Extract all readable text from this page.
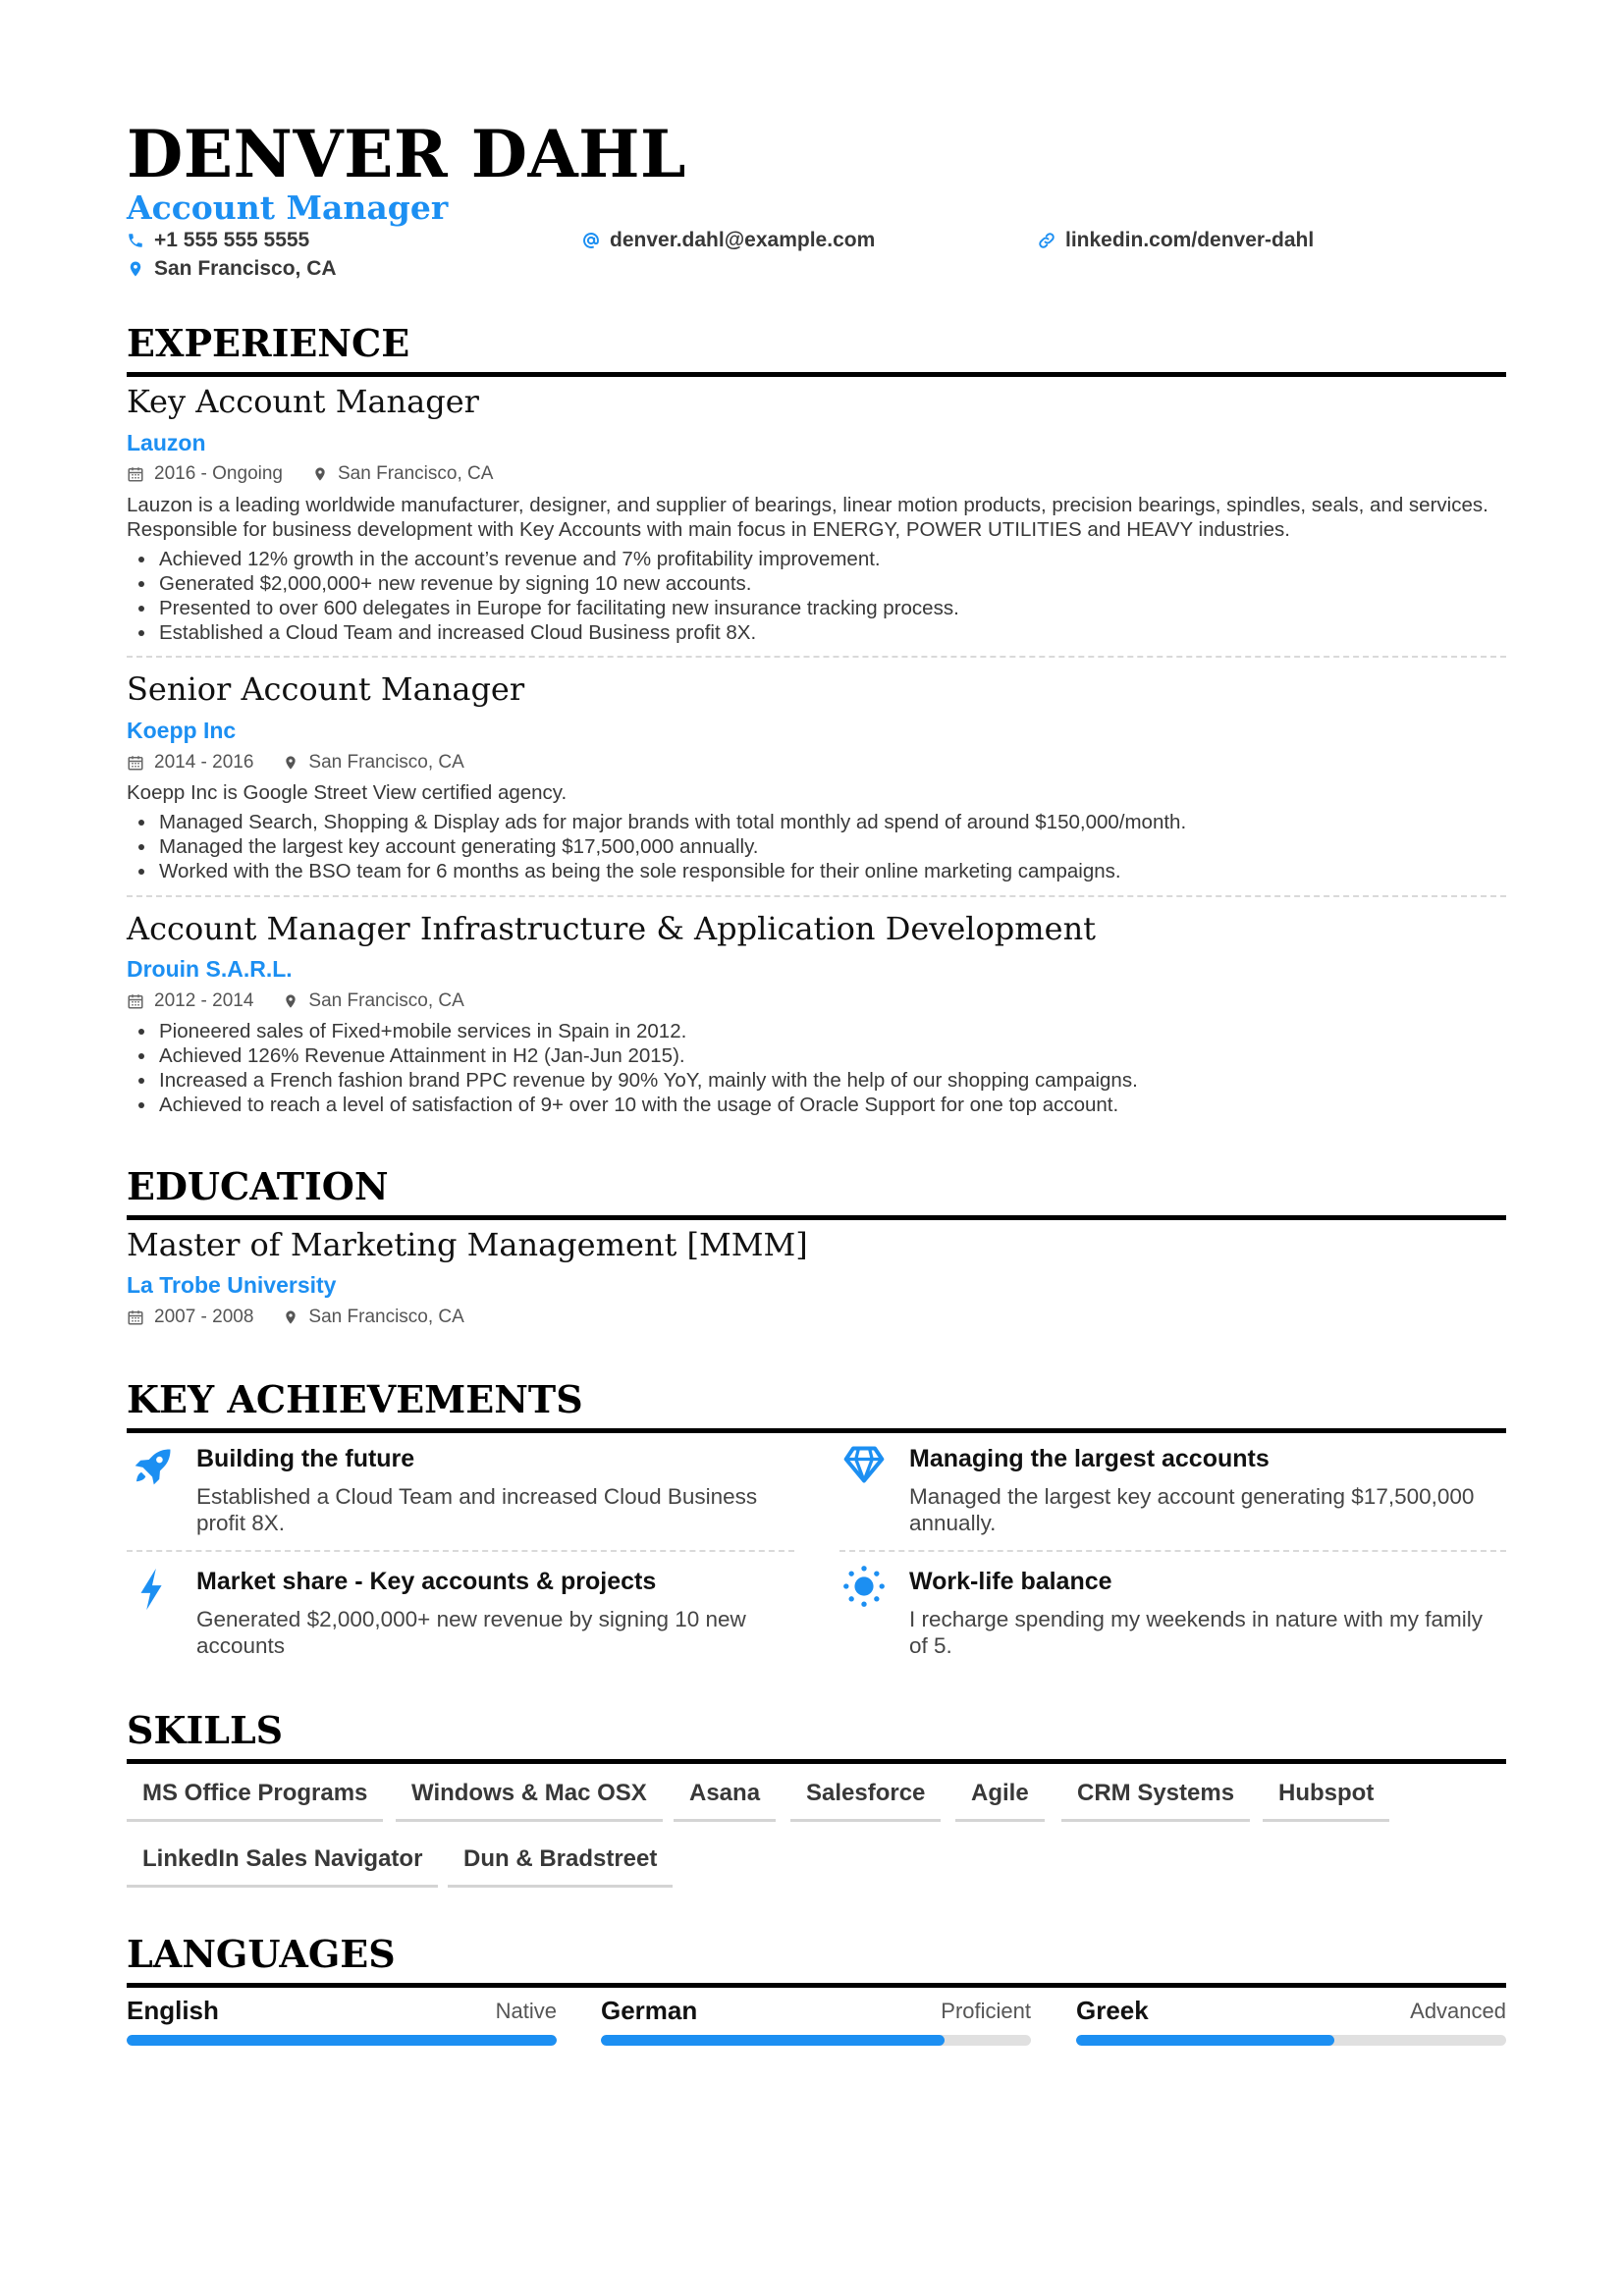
DENVER DAHL
Account Manager
+1 555 555 5555	denver.dahl@example.com	linkedin.com/denver-dahl
San Francisco, CA
EXPERIENCE
Key Account Manager
Lauzon
2016 - Ongoing	San Francisco, CA

Lauzon is a leading worldwide manufacturer, designer, and supplier of bearings, linear motion products, precision bearings, spindles, seals, and services. Responsible for business development with Key Accounts with main focus in ENERGY, POWER UTILITIES and HEAVY industries.

• Achieved 12% growth in the account’s revenue and 7% profitability improvement.
• Generated $2,000,000+ new revenue by signing 10 new accounts.
• Presented to over 600 delegates in Europe for facilitating new insurance tracking process.
• Established a Cloud Team and increased Cloud Business profit 8X.
Senior Account Manager
Koepp Inc
2014 - 2016	San Francisco, CA

Koepp Inc is Google Street View certified agency.

• Managed Search, Shopping & Display ads for major brands with total monthly ad spend of around $150,000/month.
• Managed the largest key account generating $17,500,000 annually.
• Worked with the BSO team for 6 months as being the sole responsible for their online marketing campaigns.
Account Manager Infrastructure & Application Development
Drouin S.A.R.L.
2012 - 2014	San Francisco, CA
• Pioneered sales of Fixed+mobile services in Spain in 2012.
• Achieved 126% Revenue Attainment in H2 (Jan-Jun 2015).
• Increased a French fashion brand PPC revenue by 90% YoY, mainly with the help of our shopping campaigns.
• Achieved to reach a level of satisfaction of 9+ over 10 with the usage of Oracle Support for one top account.
EDUCATION
Master of Marketing Management [MMM]
La Trobe University
2007 - 2008	San Francisco, CA
KEY ACHIEVEMENTS
Building the future

Established a Cloud Team and increased Cloud Business profit 8X.

Managing the largest accounts

Managed the largest key account generating $17,500,000 annually.

Market share - Key accounts & projects

Generated $2,000,000+ new revenue by signing 10 new accounts

Work-life balance

I recharge spending my weekends in nature with my family of 5.

SKILLS
MS Office Programs	Windows & Mac OSX	Asana	Salesforce	Agile	CRM Systems	Hubspot
LinkedIn Sales Navigator	Dun & Bradstreet
LANGUAGES
English	Native German	Proficient Greek	Advanced
